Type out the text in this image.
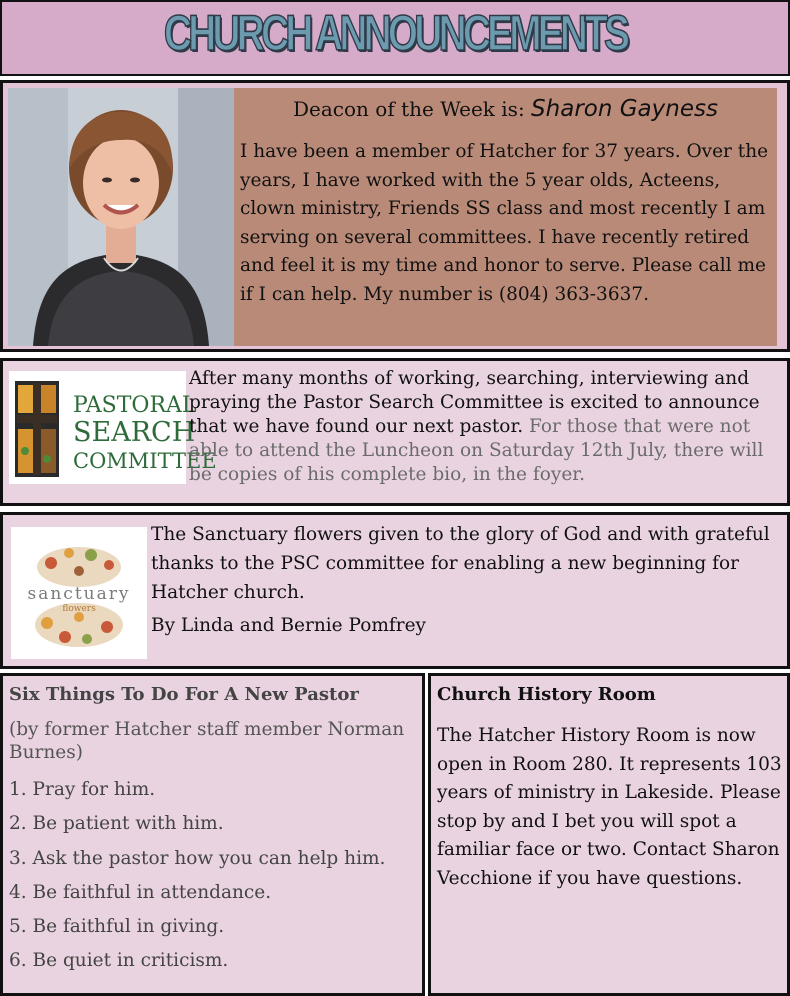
CHURCH ANNOUNCEMENTS
Deacon of the Week is: Sharon Gayness
I have been a member of Hatcher for 37 years. Over the years, I have worked with the 5 year olds, Acteens, clown ministry, Friends SS class and most recently I am serving on several committees. I have recently retired and feel it is my time and honor to serve. Please call me if I can help. My number is (804) 363-3637.
PASTORAL
SEARCH
COMMITTEE
After many months of working, searching, interviewing and praying the Pastor Search Committee is excited to announce that we have found our next pastor. For those that were not able to attend the Luncheon on Saturday 12th July, there will be copies of his complete bio, in the foyer.
sanctuary
flowers
The Sanctuary flowers given to the glory of God and with grateful thanks to the PSC committee for enabling a new beginning for Hatcher church.
By Linda and Bernie Pomfrey
Six Things To Do For A New Pastor
(by former Hatcher staff member Norman Burnes)
1. Pray for him.
2. Be patient with him.
3. Ask the pastor how you can help him.
4. Be faithful in attendance.
5. Be faithful in giving.
6. Be quiet in criticism.
Church History Room
The Hatcher History Room is now open in Room 280. It represents 103 years of ministry in Lakeside. Please stop by and I bet you will spot a familiar face or two. Contact Sharon Vecchione if you have questions.
